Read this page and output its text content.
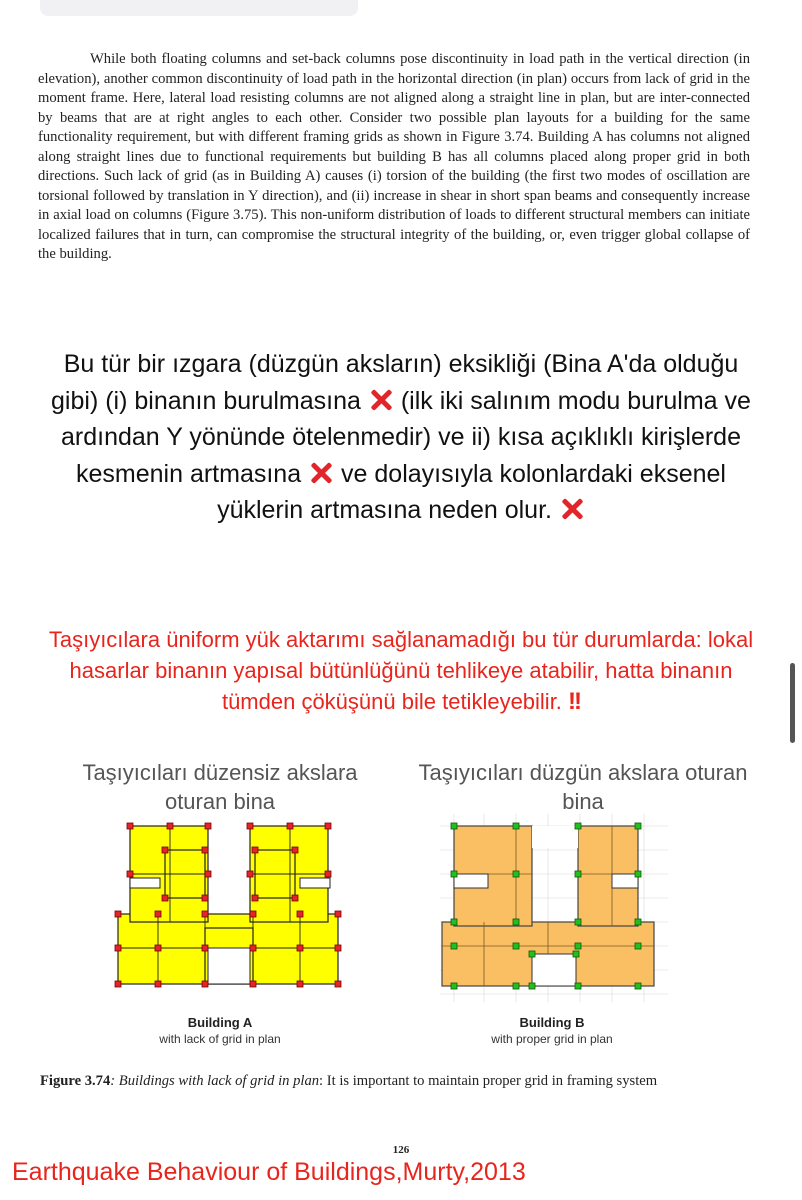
While both floating columns and set-back columns pose discontinuity in load path in the vertical direction (in elevation), another common discontinuity of load path in the horizontal direction (in plan) occurs from lack of grid in the moment frame. Here, lateral load resisting columns are not aligned along a straight line in plan, but are inter-connected by beams that are at right angles to each other. Consider two possible plan layouts for a building for the same functionality requirement, but with different framing grids as shown in Figure 3.74. Building A has columns not aligned along straight lines due to functional requirements but building B has all columns placed along proper grid in both directions. Such lack of grid (as in Building A) causes (i) torsion of the building (the first two modes of oscillation are torsional followed by translation in Y direction), and (ii) increase in shear in short span beams and consequently increase in axial load on columns (Figure 3.75). This non-uniform distribution of loads to different structural members can initiate localized failures that in turn, can compromise the structural integrity of the building, or, even trigger global collapse of the building.

Bu tür bir ızgara (düzgün aksların) eksikliği (Bina A'da olduğu gibi) (i) binanın burulmasına (ilk iki salınım modu burulma ve ardından Y yönünde ötelenmedir) ve ii) kısa açıklıklı kirişlerde kesmenin artmasına ve dolayısıyla kolonlardaki eksenel yüklerin artmasına neden olur.
Taşıyıcılara üniform yük aktarımı sağlanamadığı bu tür durumlarda: lokal hasarlar binanın yapısal bütünlüğünü tehlikeye atabilir, hatta binanın tümden çöküşünü bile tetikleyebilir. !!
Taşıyıcıları düzensiz akslara oturan bina
Taşıyıcıları düzgün akslara oturan bina
Building A
with lack of grid in plan
Building B
with proper grid in plan
Figure 3.74: Buildings with lack of grid in plan: It is important to maintain proper grid in framing system
126
Earthquake Behaviour of Buildings,Murty,2013
